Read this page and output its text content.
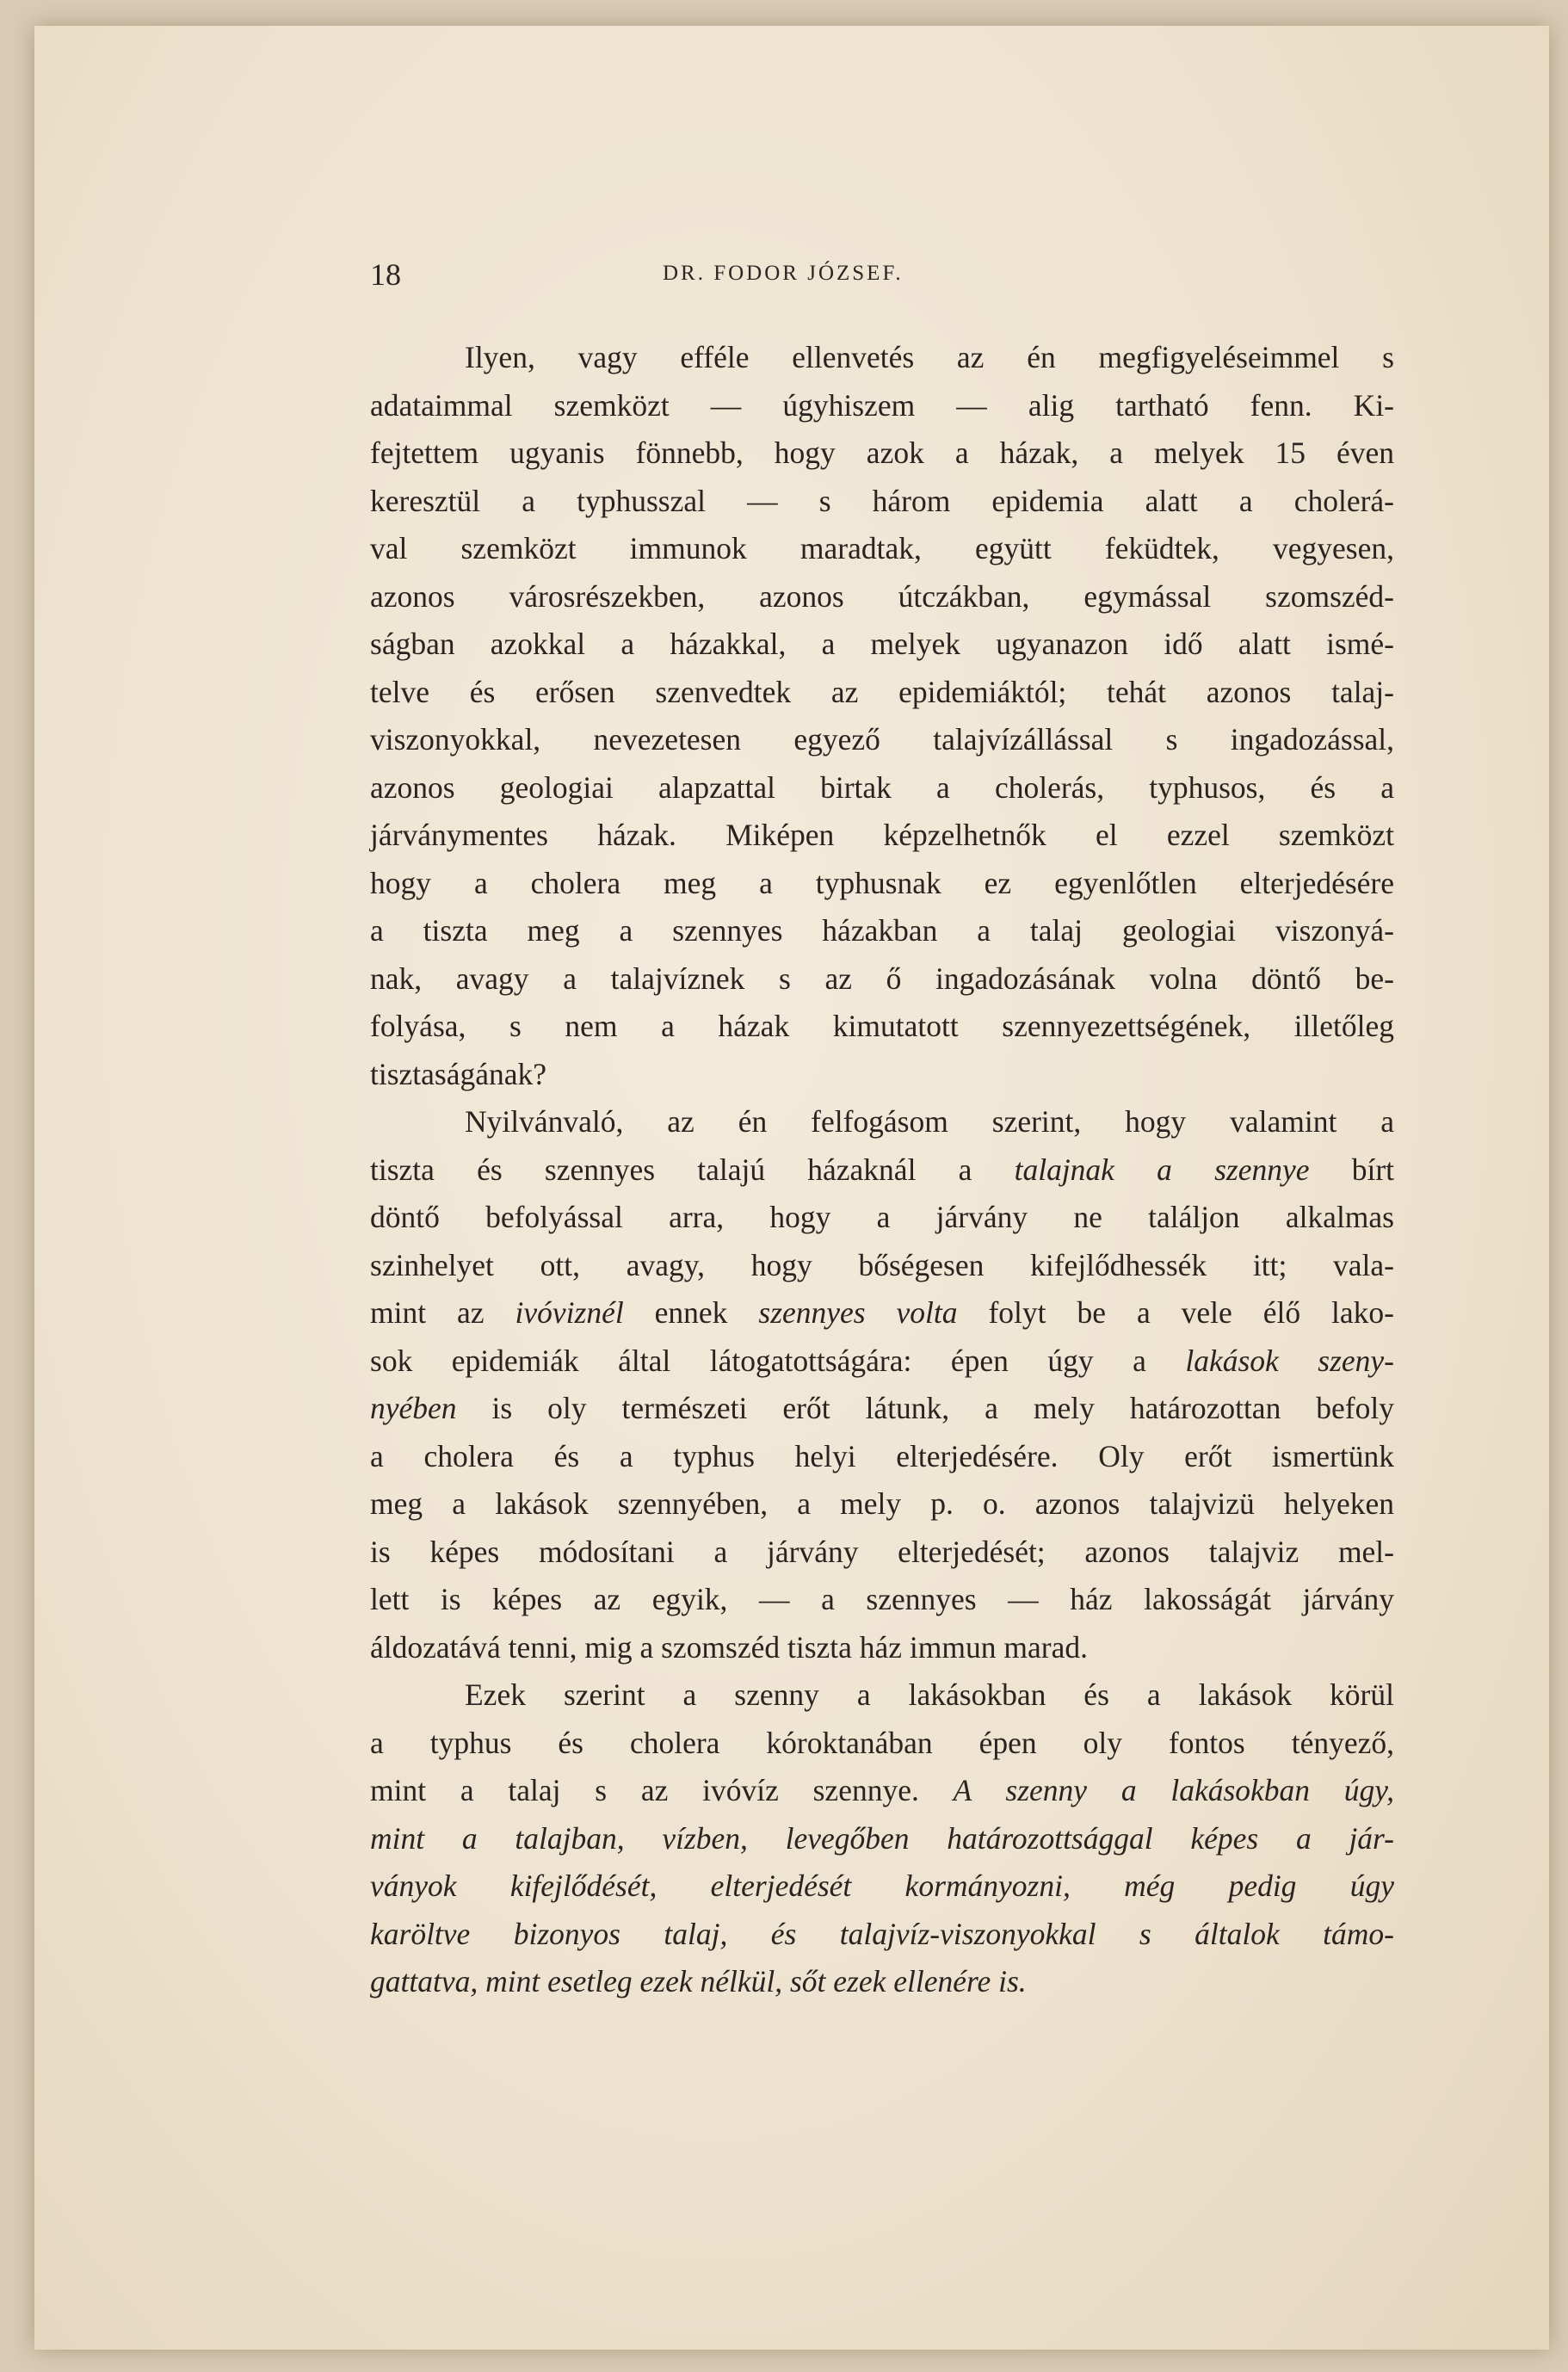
18	DR. FODOR JÓZSEF.
Ilyen, vagy efféle ellenvetés az én megfigyeléseimmel s
adataimmal szemközt — úgyhiszem — alig tartható fenn. Ki-
fejtettem ugyanis fönnebb, hogy azok a házak, a melyek 15 éven
keresztül a typhusszal — s három epidemia alatt a cholerá-
val szemközt immunok maradtak, együtt feküdtek, vegyesen,
azonos városrészekben, azonos útczákban, egymással szomszéd-
ságban azokkal a házakkal, a melyek ugyanazon idő alatt ismé-
telve és erősen szenvedtek az epidemiáktól; tehát azonos talaj-
viszonyokkal, nevezetesen egyező talajvízállással s ingadozással,
azonos geologiai alapzattal birtak a cholerás, typhusos, és a
járványmentes házak. Miképen képzelhetnők el ezzel szemközt
hogy a cholera meg a typhusnak ez egyenlőtlen elterjedésére
a tiszta meg a szennyes házakban a talaj geologiai viszonyá-
nak, avagy a talajvíznek s az ő ingadozásának volna döntő be-
folyása, s nem a házak kimutatott szennyezettségének, illetőleg
tisztaságának?
Nyilvánvaló, az én felfogásom szerint, hogy valamint a
tiszta és szennyes talajú házaknál a talajnak a szennye bírt
döntő befolyással arra, hogy a járvány ne találjon alkalmas
szinhelyet ott, avagy, hogy bőségesen kifejlődhessék itt; vala-
mint az ivóviznél ennek szennyes volta folyt be a vele élő lako-
sok epidemiák által látogatottságára: épen úgy a lakások szeny-
nyében is oly természeti erőt látunk, a mely határozottan befoly
a cholera és a typhus helyi elterjedésére. Oly erőt ismertünk
meg a lakások szennyében, a mely p. o. azonos talajvizü helyeken
is képes módosítani a járvány elterjedését; azonos talajviz mel-
lett is képes az egyik, — a szennyes — ház lakosságát járvány
áldozatává tenni, mig a szomszéd tiszta ház immun marad.
Ezek szerint a szenny a lakásokban és a lakások körül
a typhus és cholera kóroktanában épen oly fontos tényező,
mint a talaj s az ivóvíz szennye. A szenny a lakásokban úgy,
mint a talajban, vízben, levegőben határozottsággal képes a jár-
ványok kifejlődését, elterjedését kormányozni, még pedig úgy
karöltve bizonyos talaj, és talajvíz-viszonyokkal s általok támo-
gattatva, mint esetleg ezek nélkül, sőt ezek ellenére is.
